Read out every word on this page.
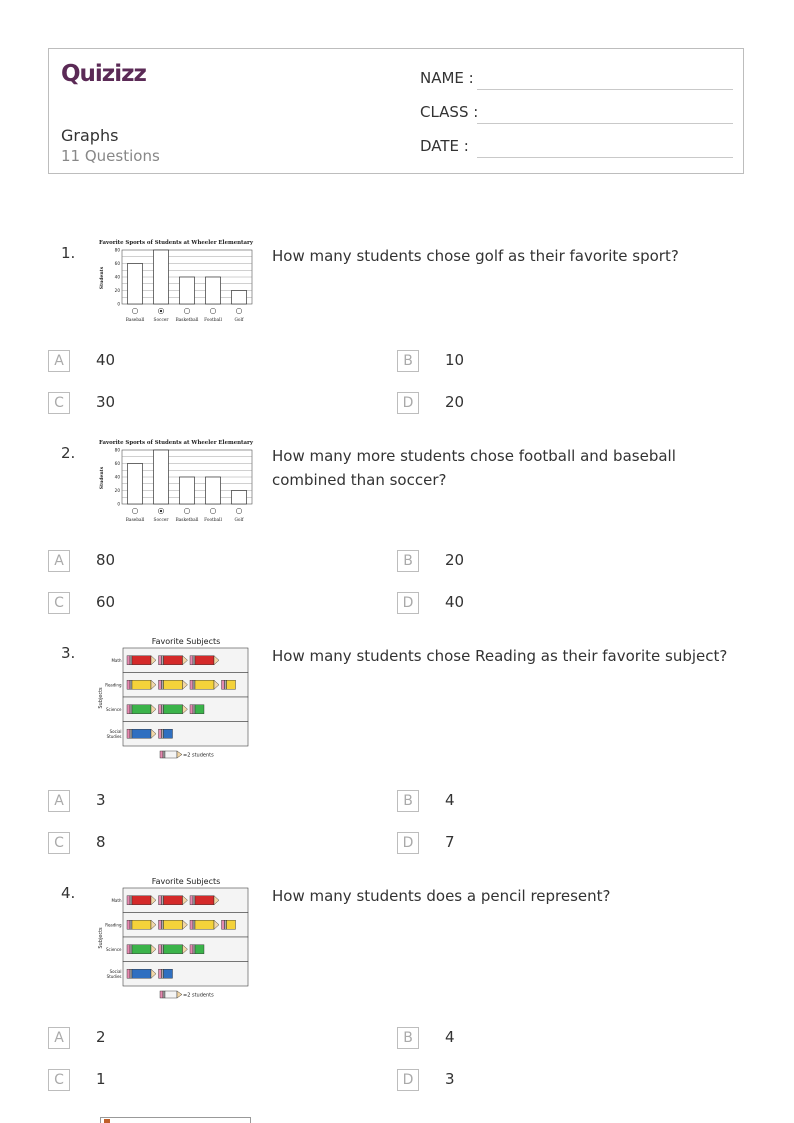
Quizizz
Graphs
11 Questions
NAME :
CLASS :
DATE :
1.
Favorite Sports of Students at Wheeler Elementary
Students
80
60
40
20
0
Baseball Soccer Basketball Football	Golf
How many students chose golf as their favorite sport?
2.
Favorite Sports of Students at Wheeler Elementary
Students
80
60
40
20
0
Baseball Soccer Basketball Football	Golf
How many more students chose football and baseball combined than soccer?
3.
Favorite Subjects
Subjects
Math
Reading
Science
Social
Studies
=2 students
How many students chose Reading as their favorite subject?
4.
Favorite Subjects
Subjects
Math
Reading
Science
Social
Studies
=2 students
How many students does a pencil represent?
A	40	B	10
C	30	D	20
A	80	B	20
C	60	D	40
A	3	B	4
C	8	D	7
A	2	B	4
C	1	D	3
